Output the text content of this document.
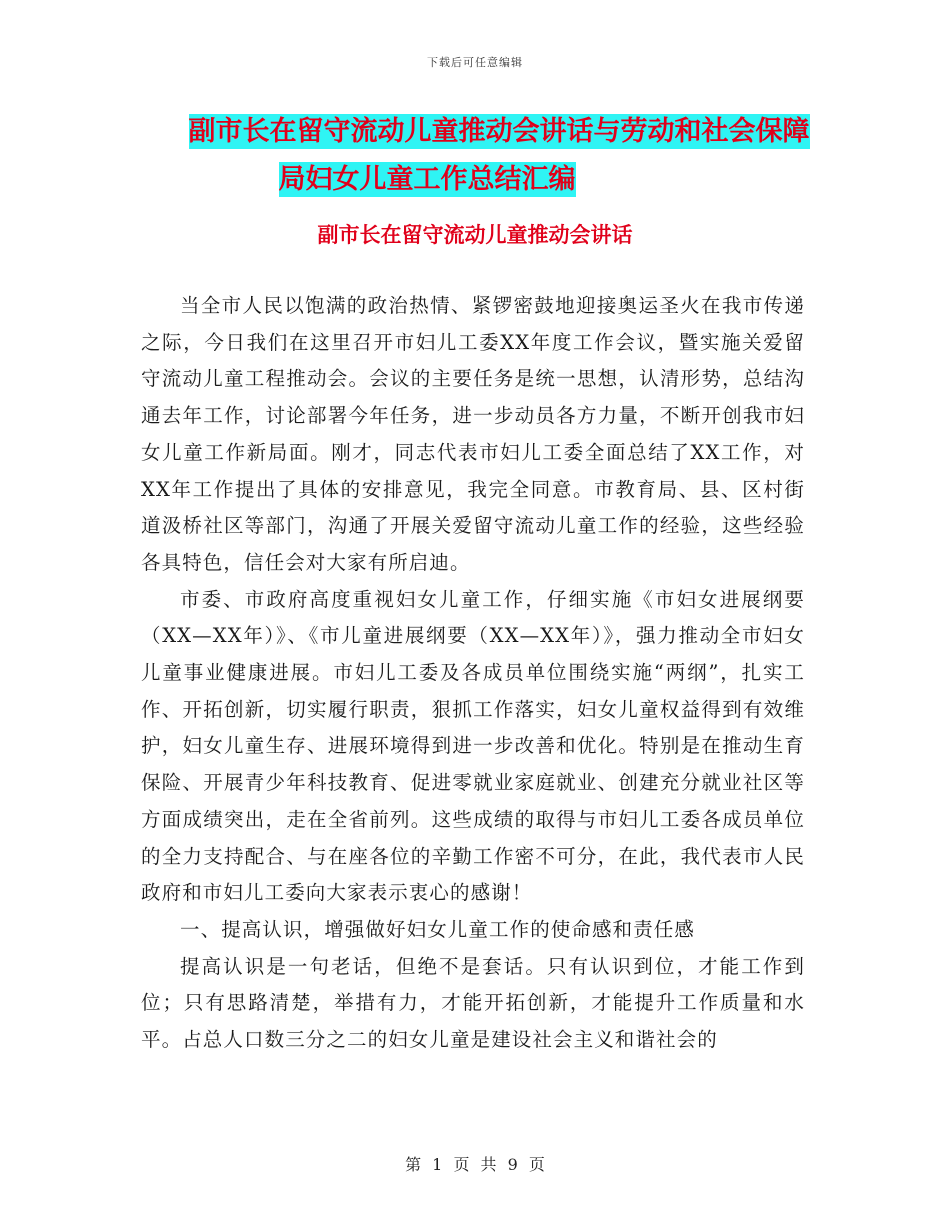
下载后可任意编辑
副市长在留守流动儿童推动会讲话与劳动和社会保障
局妇女儿童工作总结汇编
副市长在留守流动儿童推动会讲话

当全市人民以饱满的政治热情、紧锣密鼓地迎接奥运圣火在我市传递之际，今日我们在这里召开市妇儿工委XX年度工作会议，暨实施关爱留守流动儿童工程推动会。会议的主要任务是统一思想，认清形势，总结沟通去年工作，讨论部署今年任务，进一步动员各方力量，不断开创我市妇女儿童工作新局面。刚才，同志代表市妇儿工委全面总结了XX工作，对XX年工作提出了具体的安排意见，我完全同意。市教育局、县、区村街道汲桥社区等部门，沟通了开展关爱留守流动儿童工作的经验，这些经验各具特色，信任会对大家有所启迪。

市委、市政府高度重视妇女儿童工作，仔细实施《市妇女进展纲要（XX—XX年）》、《市儿童进展纲要（XX—XX年）》，强力推动全市妇女儿童事业健康进展。市妇儿工委及各成员单位围绕实施“两纲”，扎实工作、开拓创新，切实履行职责，狠抓工作落实，妇女儿童权益得到有效维护，妇女儿童生存、进展环境得到进一步改善和优化。特别是在推动生育保险、开展青少年科技教育、促进零就业家庭就业、创建充分就业社区等方面成绩突出，走在全省前列。这些成绩的取得与市妇儿工委各成员单位的全力支持配合、与在座各位的辛勤工作密不可分，在此，我代表市人民政府和市妇儿工委向大家表示衷心的感谢！

一、提高认识，增强做好妇女儿童工作的使命感和责任感

提高认识是一句老话，但绝不是套话。只有认识到位，才能工作到位；只有思路清楚，举措有力，才能开拓创新，才能提升工作质量和水平。占总人口数三分之二的妇女儿童是建设社会主义和谐社会的

第 1 页 共 9 页
